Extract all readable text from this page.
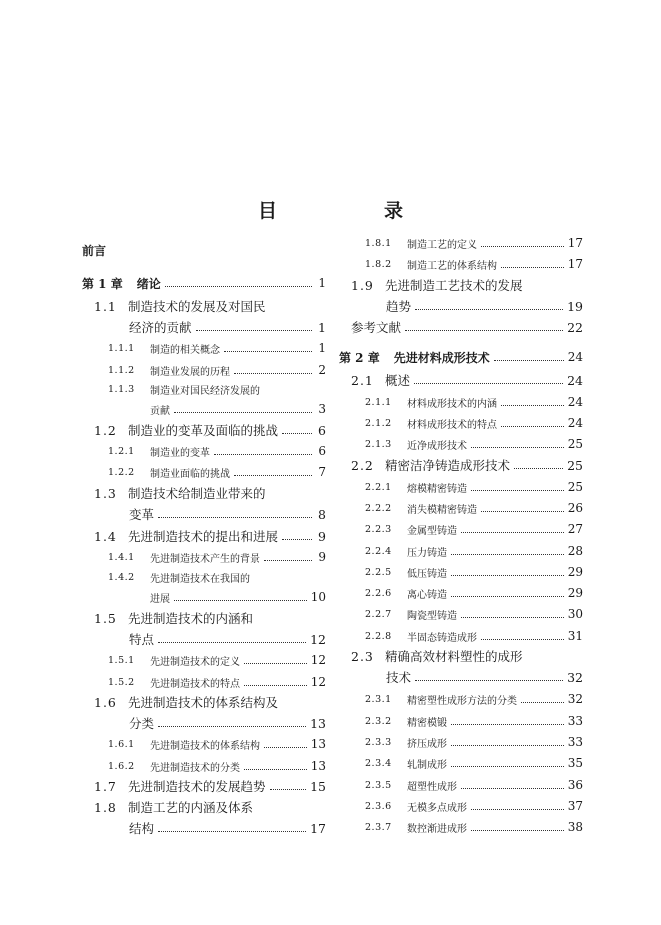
目　录
前言
第 1 章 绪论	1
1.1 制造技术的发展及对国民
经济的贡献	1
1.1.1	制造的相关概念	1
1.1.2	制造业发展的历程	2
1.1.3	制造业对国民经济发展的
贡献	3
1.2 制造业的变革及面临的挑战	6
1.2.1	制造业的变革	6
1.2.2	制造业面临的挑战	7
1.3 制造技术给制造业带来的
变革	8
1.4 先进制造技术的提出和进展	9
1.4.1	先进制造技术产生的背景	9
1.4.2	先进制造技术在我国的
进展	10
1.5 先进制造技术的内涵和
特点	12
1.5.1	先进制造技术的定义	12
1.5.2	先进制造技术的特点	12
1.6 先进制造技术的体系结构及
分类	13
1.6.1	先进制造技术的体系结构	13
1.6.2	先进制造技术的分类	13
1.7 先进制造技术的发展趋势	15
1.8 制造工艺的内涵及体系
结构	17
1.8.1	制造工艺的定义	17
1.8.2	制造工艺的体系结构	17
1.9 先进制造工艺技术的发展
趋势	19
参考文献	22
第 2 章 先进材料成形技术	24
2.1 概述	24
2.1.1	材料成形技术的内涵	24
2.1.2	材料成形技术的特点	24
2.1.3	近净成形技术	25
2.2 精密洁净铸造成形技术	25
2.2.1	熔模精密铸造	25
2.2.2	消失模精密铸造	26
2.2.3	金属型铸造	27
2.2.4	压力铸造	28
2.2.5	低压铸造	29
2.2.6	离心铸造	29
2.2.7	陶瓷型铸造	30
2.2.8	半固态铸造成形	31
2.3 精确高效材料塑性的成形
技术	32
2.3.1	精密塑性成形方法的分类	32
2.3.2	精密模锻	33
2.3.3	挤压成形	33
2.3.4	轧制成形	35
2.3.5	超塑性成形	36
2.3.6	无模多点成形	37
2.3.7	数控渐进成形	38
